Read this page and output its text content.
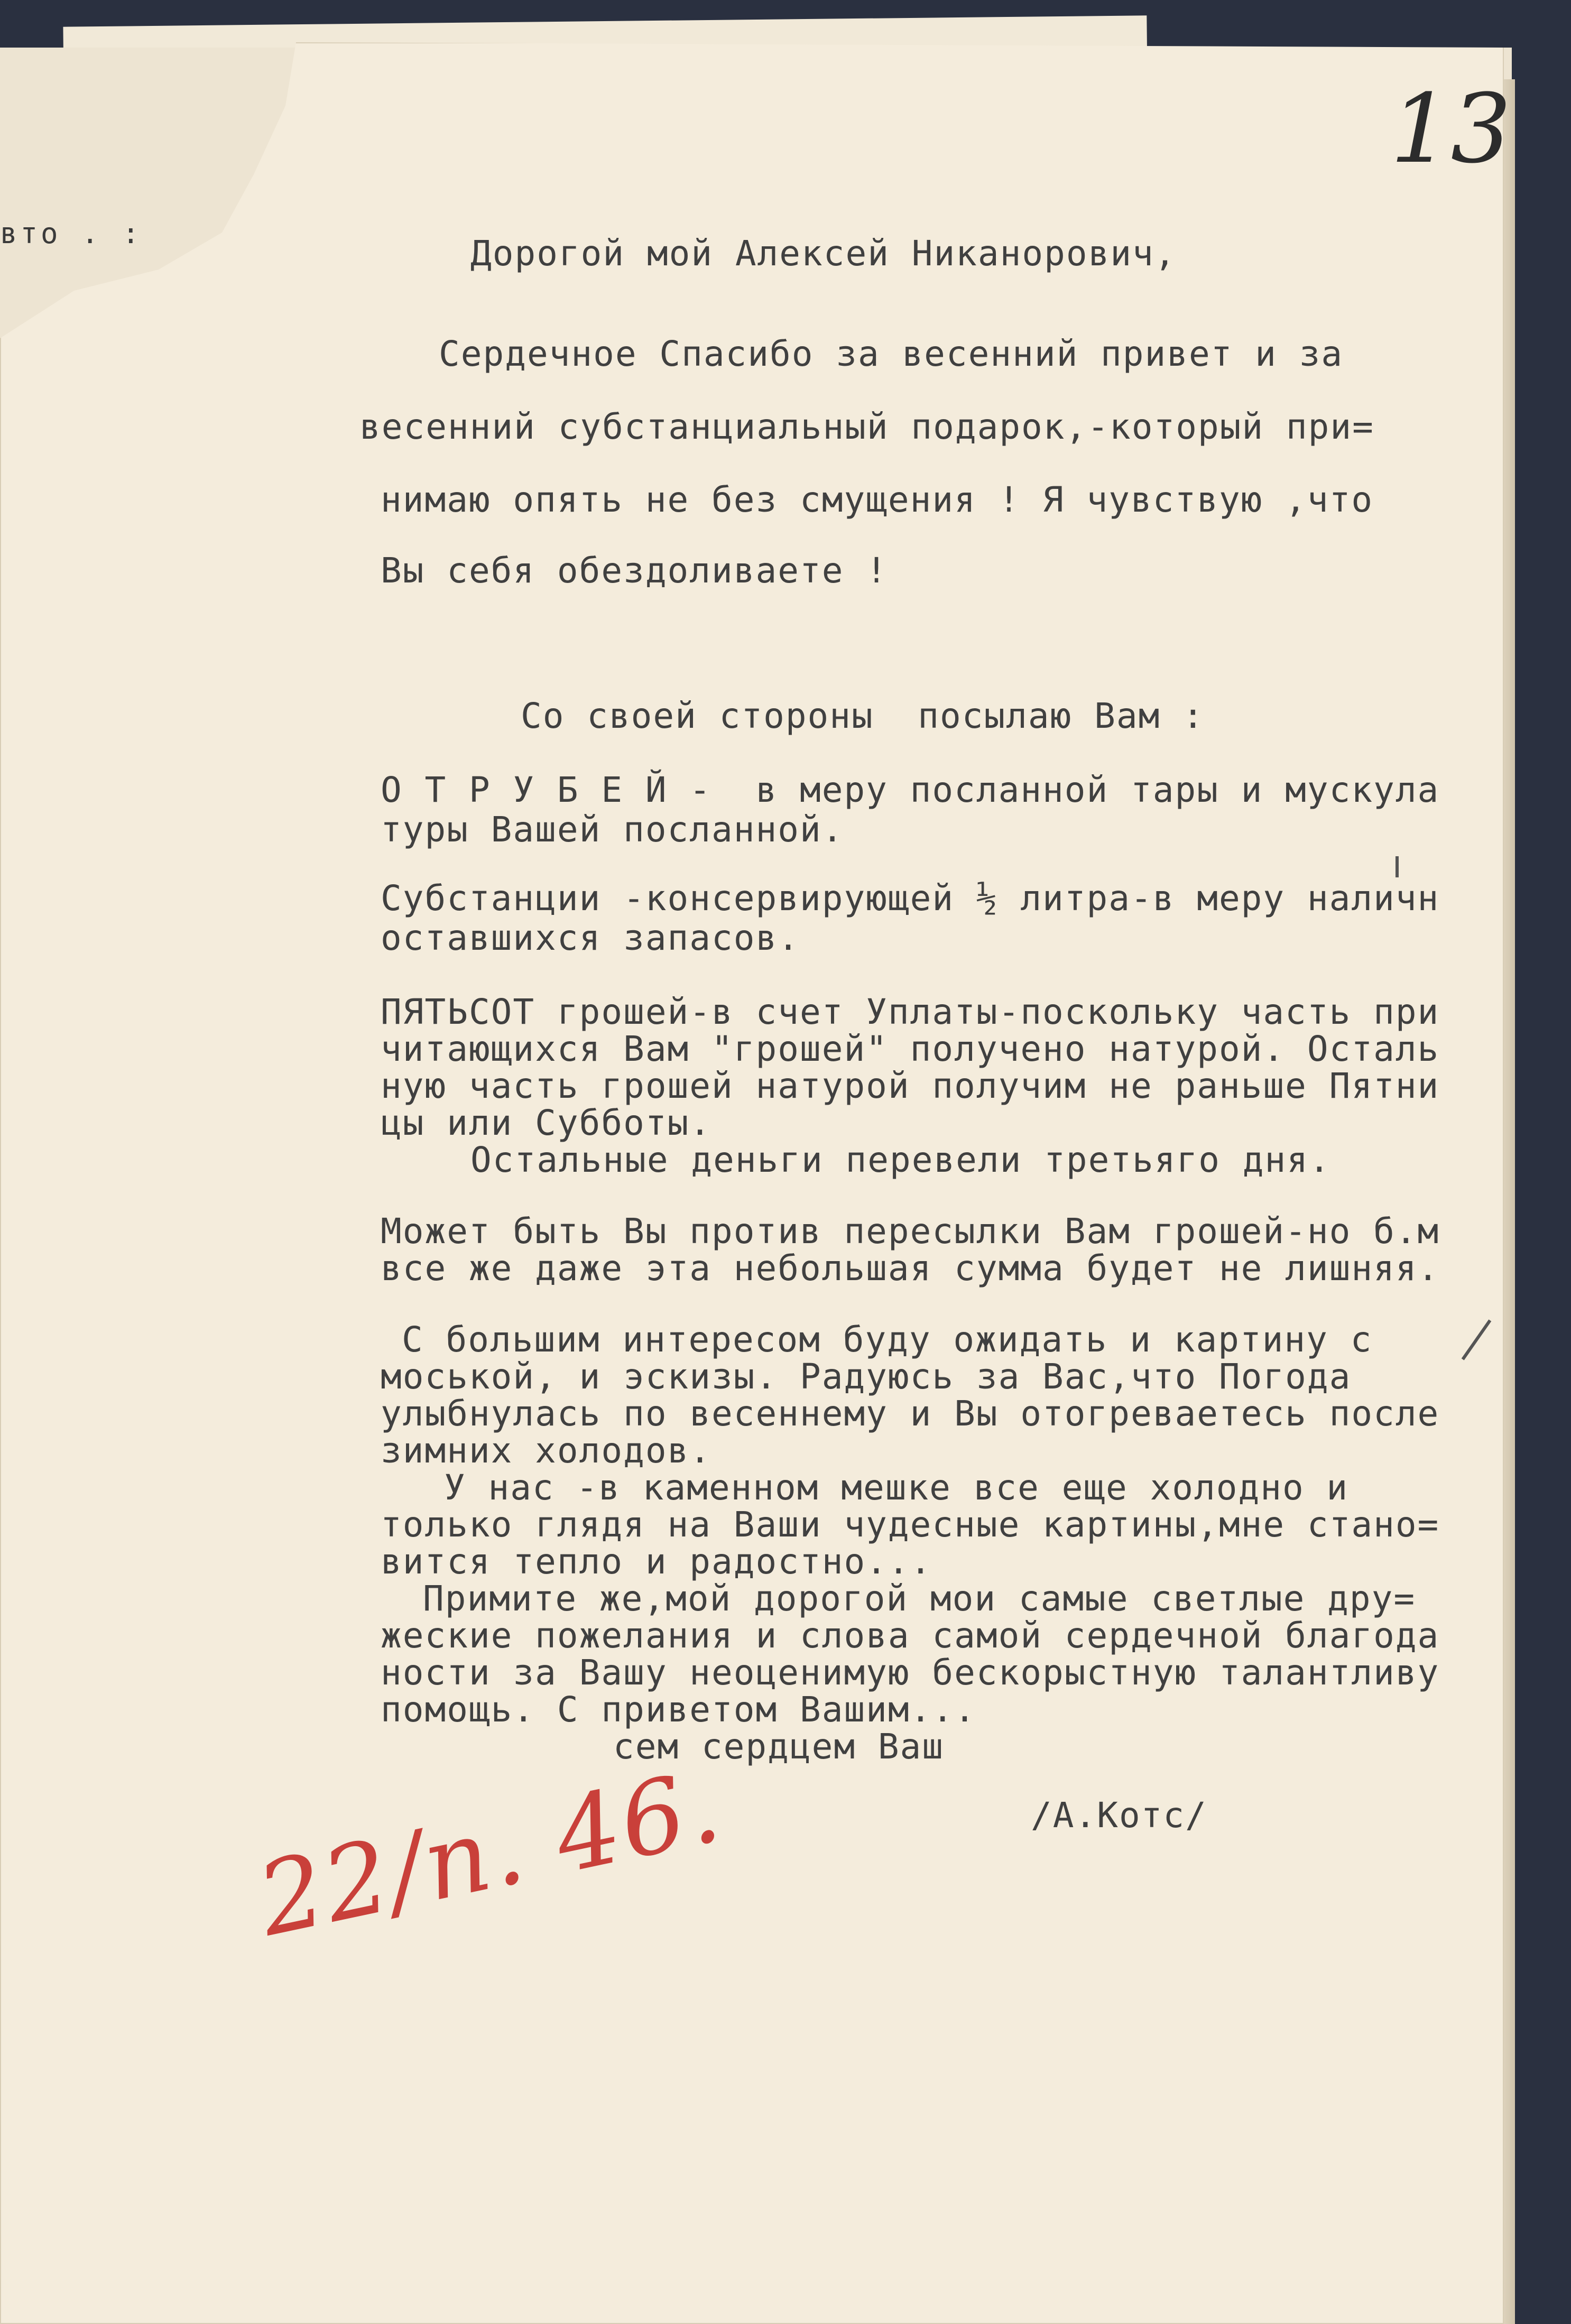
вто . :
13
Дорогой мой Алексей Никанорович,
Сердечное Спасибо за весенний привет и за
весенний субстанциальный подарок,-который при=
нимаю опять не без смущения ! Я чувствую ,что
Вы себя обездоливаете !
Со своей стороны  посылаю Вам :
О Т Р У Б Е Й -  в меру посланной тары и мускула
туры Вашей посланной.
Субстанции -консервирующей ½ литра-в меру наличн
оставшихся запасов.
ПЯТЬСОТ грошей-в счет Уплаты-поскольку часть при
читающихся Вам "грошей" получено натурой. Осталь
ную часть грошей натурой получим не раньше Пятни
цы или Субботы.
Остальные деньги перевели третьяго дня.
Может быть Вы против пересылки Вам грошей-но б.м
все же даже эта небольшая сумма будет не лишняя.
С большим интересом буду ожидать и картину с
моськой, и эскизы. Радуюсь за Вас,что Погода
улыбнулась по весеннему и Вы отогреваетесь после
зимних холодов.
У нас -в каменном мешке все еще холодно и
только глядя на Ваши чудесные картины,мне стано=
вится тепло и радостно...
Примите же,мой дорогой мои самые светлые дру=
жеские пожелания и слова самой сердечной благода
ности за Вашу неоценимую бескорыстную талантливу
помощь. С приветом Вашим...
сем сердцем Ваш
/А.Котс/
22/п. 46.
